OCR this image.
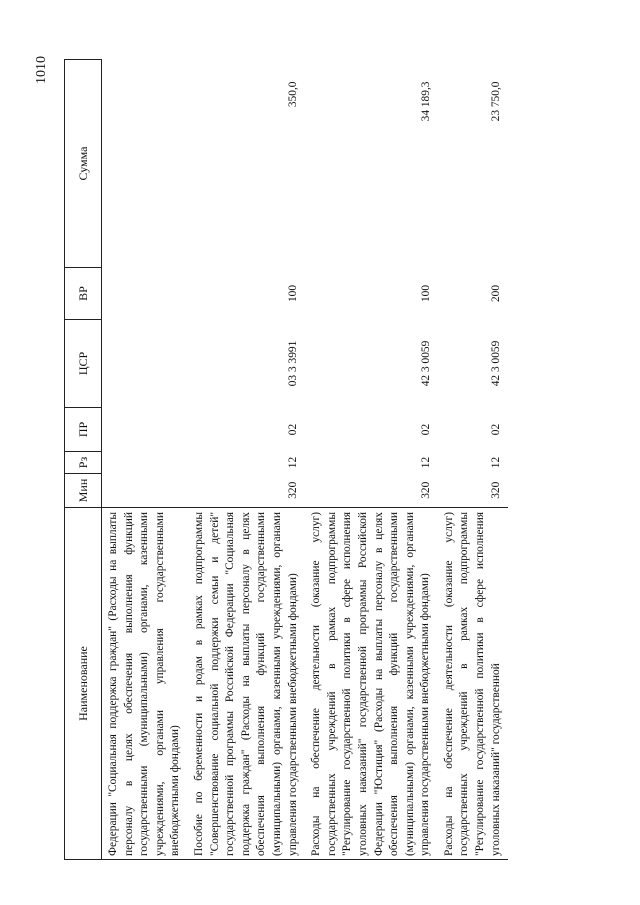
1010
Наименование	Мин	Рз	ПР	ЦСР	ВР	Сумма
Федерации "Социальная поддержка граждан" (Расходы на выплаты персоналу в целях обеспечения выполнения функций государственными (муниципальными) органами, казенными учреждениями, органами управления государственными внебюджетными фондами)						
Пособие по беременности и родам в рамках подпрограммы "Совершенствование социальной поддержки семьи и детей" государственной программы Российской Федерации "Социальная поддержка граждан" (Расходы на выплаты персоналу в целях обеспечения выполнения функций государственными (муниципальными) органами, казенными учреждениями, органами управления государственными внебюджетными фондами)	320	12	02	03 3 3991	100	350,0
Расходы на обеспечение деятельности (оказание услуг) государственных учреждений в рамках подпрограммы "Регулирование государственной политики в сфере исполнения уголовных наказаний" государственной программы Российской Федерации "Юстиция" (Расходы на выплаты персоналу в целях обеспечения выполнения функций государственными (муниципальными) органами, казенными учреждениями, органами управления государственными внебюджетными фондами)	320	12	02	42 3 0059	100	34 189,3
Расходы на обеспечение деятельности (оказание услуг) государственных учреждений в рамках подпрограммы "Регулирование государственной политики в сфере исполнения уголовных наказаний" государственной	320	12	02	42 3 0059	200	23 750,0
